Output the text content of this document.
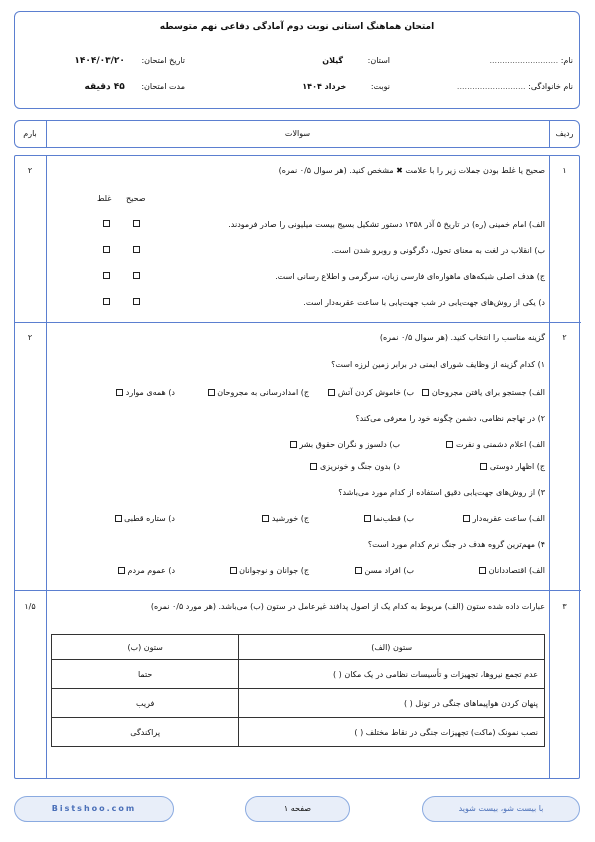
امتحان هماهنگ استانی نوبت دوم آمادگی دفاعی نهم متوسطه
نام: ...........................
نام خانوادگی: ...........................
استان: گیلان
نوبت: خرداد ۱۴۰۴
تاریخ امتحان: ۱۴۰۴/۰۳/۲۰
مدت امتحان: ۴۵ دقیقه
ردیف
سوالات
بارم
۱
۲	صحیح یا غلط بودن جملات زیر را با علامت ✖ مشخص کنید. (هر سوال ۰/۵ نمره)
صحیح
غلط
الف) امام خمینی (ره) در تاریخ ۵ آذر ۱۳۵۸ دستور تشکیل بسیج بیست میلیونی را صادر فرمودند.
ب) انقلاب در لغت به معنای تحول، دگرگونی و رو‌بر‌و شدن است.
ج) هدف اصلی شبکه‌های ماهواره‌ای فارسی زبان، سرگرمی و اطلاع رسانی است.
د) یکی از روش‌های جهت‌یابی در شب جهت‌یابی با ساعت عقربه‌دار است.
۲
۲	گزینه مناسب را انتخاب کنید. (هر سوال ۰/۵ نمره)
۱) کدام گزینه از وظایف شورای ایمنی در برابر زمین لرزه است؟
الف) جستجو برای یافتن مجروحان
ب) خاموش کردن آتش
ج) امدادرسانی به مجروحان
د) همه‌ی موارد
۲) در تهاجم نظامی، دشمن چگونه خود را معرفی می‌کند؟
الف) اعلام دشمنی و نفرت
ب) دلسوز و نگران حقوق بشر
ج) اظهار دوستی
د) بدون جنگ و خونریزی
۳) از روش‌های جهت‌یابی دقیق استفاده از کدام مورد می‌باشد؟
الف) ساعت عقربه‌دار
ب) قطب‌نما
ج) خورشید
د) ستاره قطبی
۴) مهم‌ترین گروه هدف در جنگ نرم کدام مورد است؟
الف) اقتصاددانان
ب) افراد مسن
ج) جوانان و نوجوانان
د) عموم مردم
۳
۱/۵	عبارات داده شده ستون (الف) مربوط به کدام یک از اصول پدافند غیرعامل در ستون (ب) می‌باشد. (هر مورد ۰/۵ نمره)
ستون (الف)	ستون (ب)
عدم تجمع نیروها، تجهیزات و تأسیسات نظامی در یک مکان ( )	حتما
پنهان کردن هواپیماهای جنگی در تونل ( )	فریب
نصب نمونک (ماکت) تجهیزات جنگی در نقاط مختلف ( )	پراکندگی
Bistshoo.com	صفحه ۱	با بیست شو، بیست شوید
